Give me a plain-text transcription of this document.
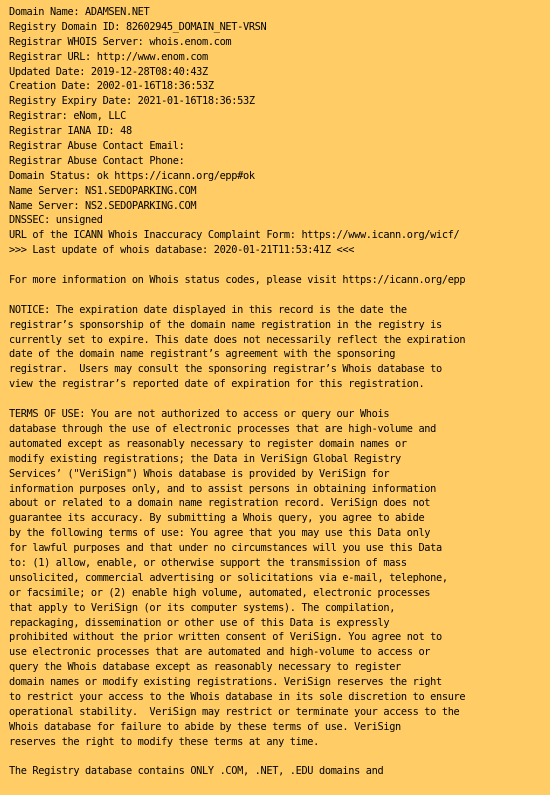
Domain Name: ADAMSEN.NET
Registry Domain ID: 82602945_DOMAIN_NET-VRSN
Registrar WHOIS Server: whois.enom.com
Registrar URL: http://www.enom.com
Updated Date: 2019-12-28T08:40:43Z
Creation Date: 2002-01-16T18:36:53Z
Registry Expiry Date: 2021-01-16T18:36:53Z
Registrar: eNom, LLC
Registrar IANA ID: 48
Registrar Abuse Contact Email:
Registrar Abuse Contact Phone:
Domain Status: ok https://icann.org/epp#ok
Name Server: NS1.SEDOPARKING.COM
Name Server: NS2.SEDOPARKING.COM
DNSSEC: unsigned
URL of the ICANN Whois Inaccuracy Complaint Form: https://www.icann.org/wicf/
>>> Last update of whois database: 2020-01-21T11:53:41Z <<<
For more information on Whois status codes, please visit https://icann.org/epp
NOTICE: The expiration date displayed in this record is the date the
registrar’s sponsorship of the domain name registration in the registry is
currently set to expire. This date does not necessarily reflect the expiration
date of the domain name registrant’s agreement with the sponsoring
registrar.  Users may consult the sponsoring registrar’s Whois database to
view the registrar’s reported date of expiration for this registration.
TERMS OF USE: You are not authorized to access or query our Whois
database through the use of electronic processes that are high-volume and
automated except as reasonably necessary to register domain names or
modify existing registrations; the Data in VeriSign Global Registry
Services’ ("VeriSign") Whois database is provided by VeriSign for
information purposes only, and to assist persons in obtaining information
about or related to a domain name registration record. VeriSign does not
guarantee its accuracy. By submitting a Whois query, you agree to abide
by the following terms of use: You agree that you may use this Data only
for lawful purposes and that under no circumstances will you use this Data
to: (1) allow, enable, or otherwise support the transmission of mass
unsolicited, commercial advertising or solicitations via e-mail, telephone,
or facsimile; or (2) enable high volume, automated, electronic processes
that apply to VeriSign (or its computer systems). The compilation,
repackaging, dissemination or other use of this Data is expressly
prohibited without the prior written consent of VeriSign. You agree not to
use electronic processes that are automated and high-volume to access or
query the Whois database except as reasonably necessary to register
domain names or modify existing registrations. VeriSign reserves the right
to restrict your access to the Whois database in its sole discretion to ensure
operational stability.  VeriSign may restrict or terminate your access to the
Whois database for failure to abide by these terms of use. VeriSign
reserves the right to modify these terms at any time.
The Registry database contains ONLY .COM, .NET, .EDU domains and
